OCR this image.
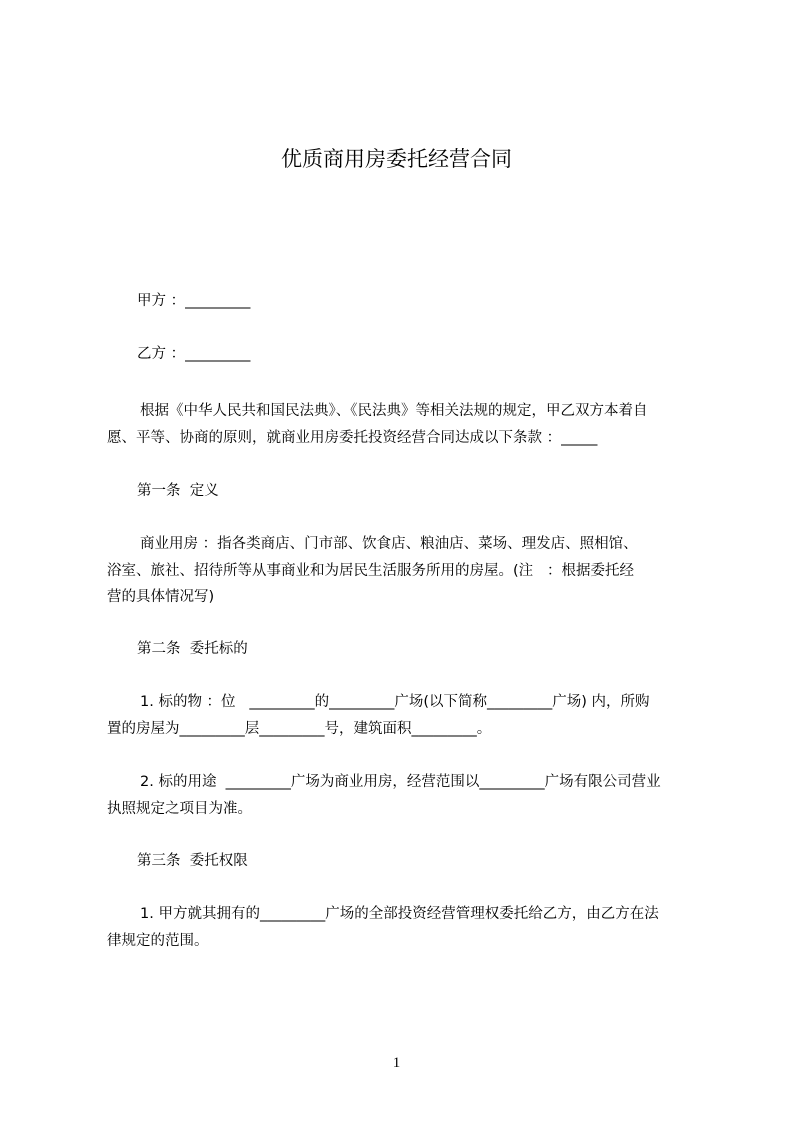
优质商用房委托经营合同
甲方 ：_________
乙方 ：_________
根据《中华人民共和国民法典》、《民法典》等相关法规的规定，甲乙双方本着自
愿、平等、协商的原则，就商业用房委托投资经营合同达成以下条款 ：_____
第一条  定义
商业用房 ：指各类商店、门市部、饮食店、粮油店、菜场、理发店、照相馆、
浴室、旅社、招待所等从事商业和为居民生活服务所用的房屋。(注   ：根据委托经
营的具体情况写)
第二条  委托标的
1. 标的物 ：位   _________的_________广场(以下简称_________广场) 内，所购
置的房屋为_________层_________号，建筑面积_________。
2. 标的用途  _________广场为商业用房，经营范围以_________广场有限公司营业
执照规定之项目为准。
第三条  委托权限
1. 甲方就其拥有的_________广场的全部投资经营管理权委托给乙方，由乙方在法
律规定的范围。
1
